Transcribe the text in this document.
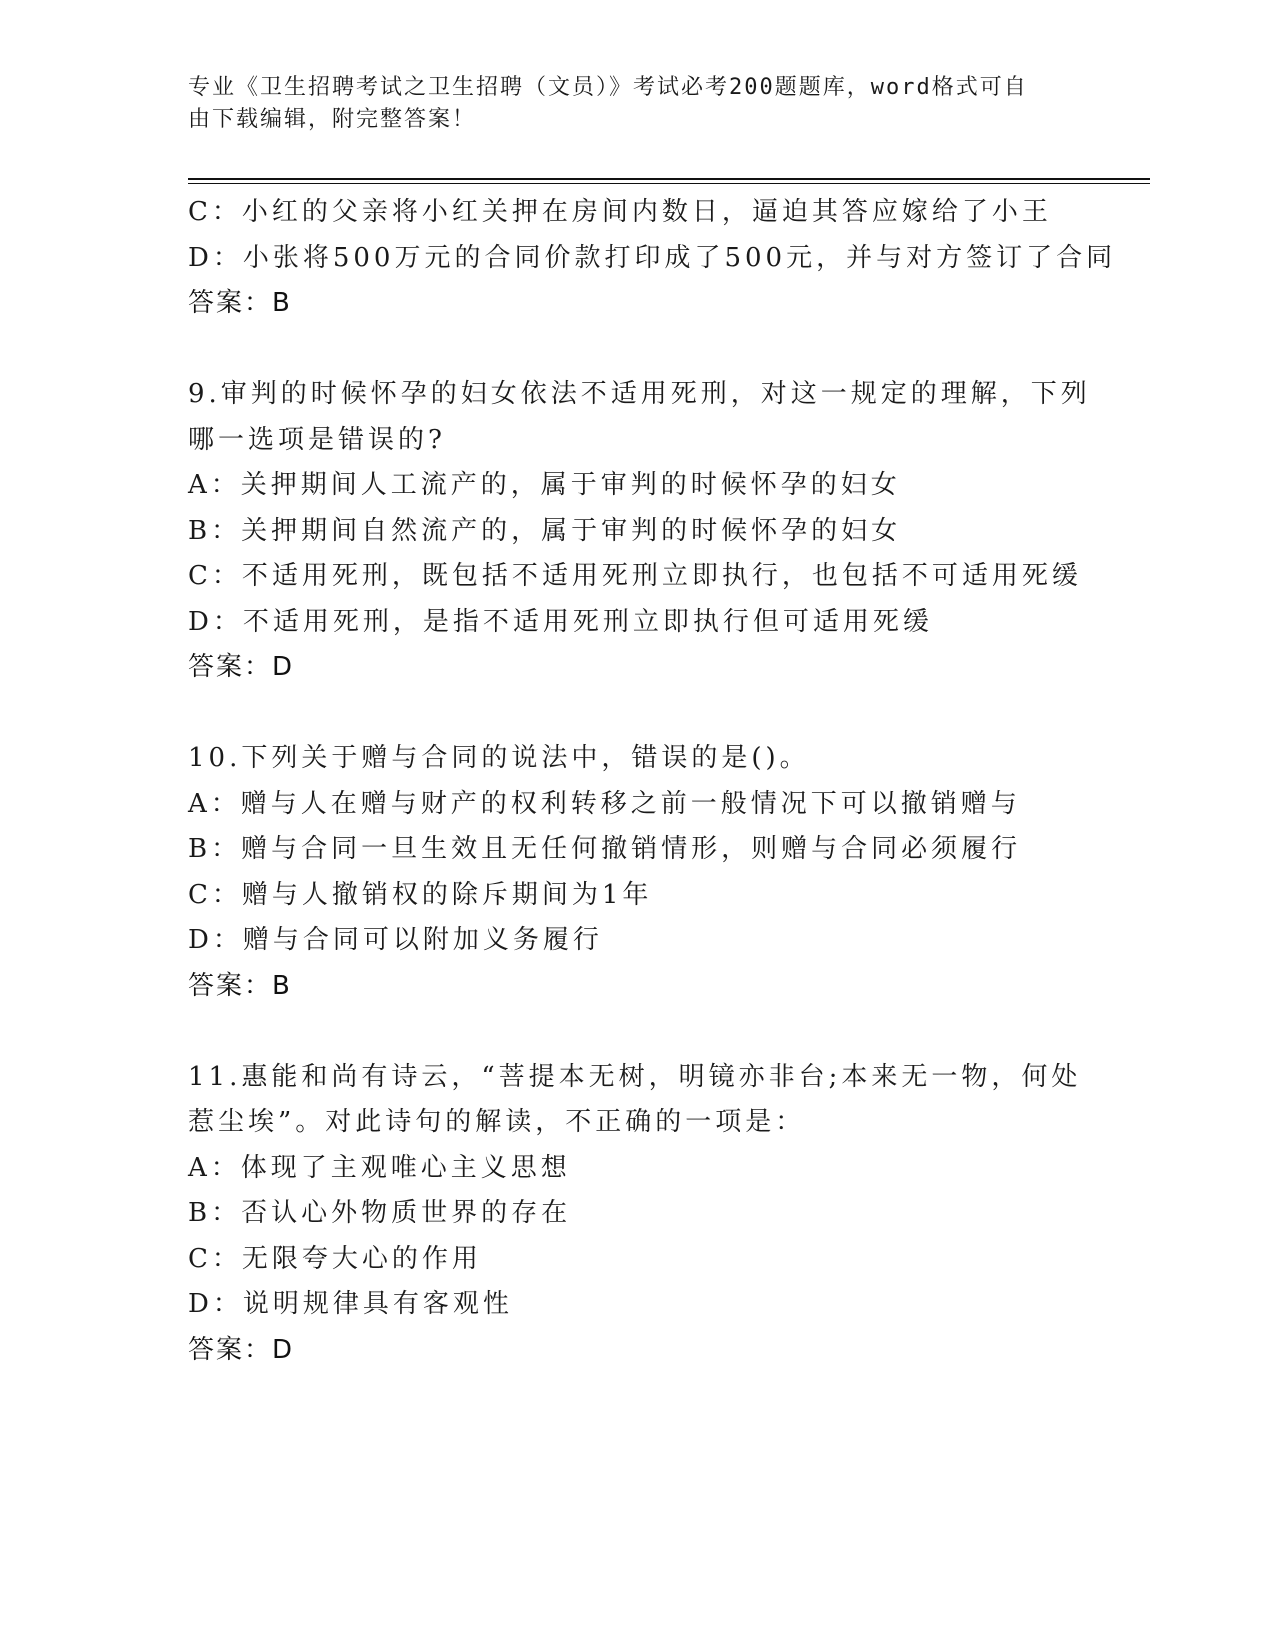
专业《卫生招聘考试之卫生招聘（文员）》考试必考200题题库，word格式可自
由下载编辑，附完整答案！
C：小红的父亲将小红关押在房间内数日，逼迫其答应嫁给了小王
D：小张将500万元的合同价款打印成了500元，并与对方签订了合同
答案：B
9.审判的时候怀孕的妇女依法不适用死刑，对这一规定的理解，下列
哪一选项是错误的?
A：关押期间人工流产的，属于审判的时候怀孕的妇女
B：关押期间自然流产的，属于审判的时候怀孕的妇女
C：不适用死刑，既包括不适用死刑立即执行，也包括不可适用死缓
D：不适用死刑，是指不适用死刑立即执行但可适用死缓
答案：D
10.下列关于赠与合同的说法中，错误的是()。
A：赠与人在赠与财产的权利转移之前一般情况下可以撤销赠与
B：赠与合同一旦生效且无任何撤销情形，则赠与合同必须履行
C：赠与人撤销权的除斥期间为1年
D：赠与合同可以附加义务履行
答案：B
11.惠能和尚有诗云，“菩提本无树，明镜亦非台;本来无一物，何处
惹尘埃”。对此诗句的解读，不正确的一项是：
A：体现了主观唯心主义思想
B：否认心外物质世界的存在
C：无限夸大心的作用
D：说明规律具有客观性
答案：D
